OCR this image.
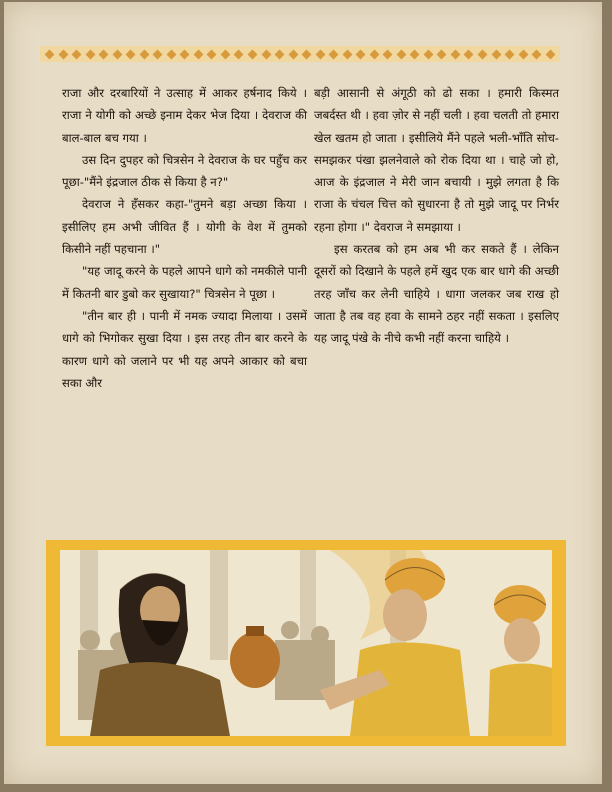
राजा और दरबारियों ने उत्साह में आकर हर्षनाद किये । राजा ने योगी को अच्छे इनाम देकर भेज दिया । देवराज की बाल-बाल बच गया ।

उस दिन दुपहर को चित्रसेन ने देवराज के घर पहुँच कर पूछा-"मैंने इंद्रजाल ठीक से किया है न?"

देवराज ने हँसकर कहा-"तुमने बड़ा अच्छा किया । इसीलिए हम अभी जीवित हैं । योगी के वेश में तुमको किसीने नहीं पहचाना ।"

"यह जादू करने के पहले आपने धागे को नमकीले पानी में कितनी बार डुबो कर सुखाया?" चित्रसेन ने पूछा ।

"तीन बार ही । पानी में नमक ज्यादा मिलाया । उसमें धागे को भिगोकर सुखा दिया । इस तरह तीन बार करने के कारण धागे को जलाने पर भी यह अपने आकार को बचा सका और

बड़ी आसानी से अंगूठी को ढो सका । हमारी किस्मत जबर्दस्त थी । हवा ज़ोर से नहीं चली । हवा चलती तो हमारा खेल खतम हो जाता । इसीलिये मैंने पहले भली-भाँति सोच-समझकर पंखा झलनेवाले को रोक दिया था । चाहे जो हो, आज के इंद्रजाल ने मेरी जान बचायी । मुझे लगता है कि राजा के चंचल चित्त को सुधारना है तो मुझे जादू पर निर्भर रहना होगा ।" देवराज ने समझाया ।

इस करतब को हम अब भी कर सकते हैं । लेकिन दूसरों को दिखाने के पहले हमें खुद एक बार धागे की अच्छी तरह जाँच कर लेनी चाहिये । धागा जलकर जब राख हो जाता है तब वह हवा के सामने ठहर नहीं सकता । इसलिए यह जादू पंखे के नीचे कभी नहीं करना चाहिये ।
